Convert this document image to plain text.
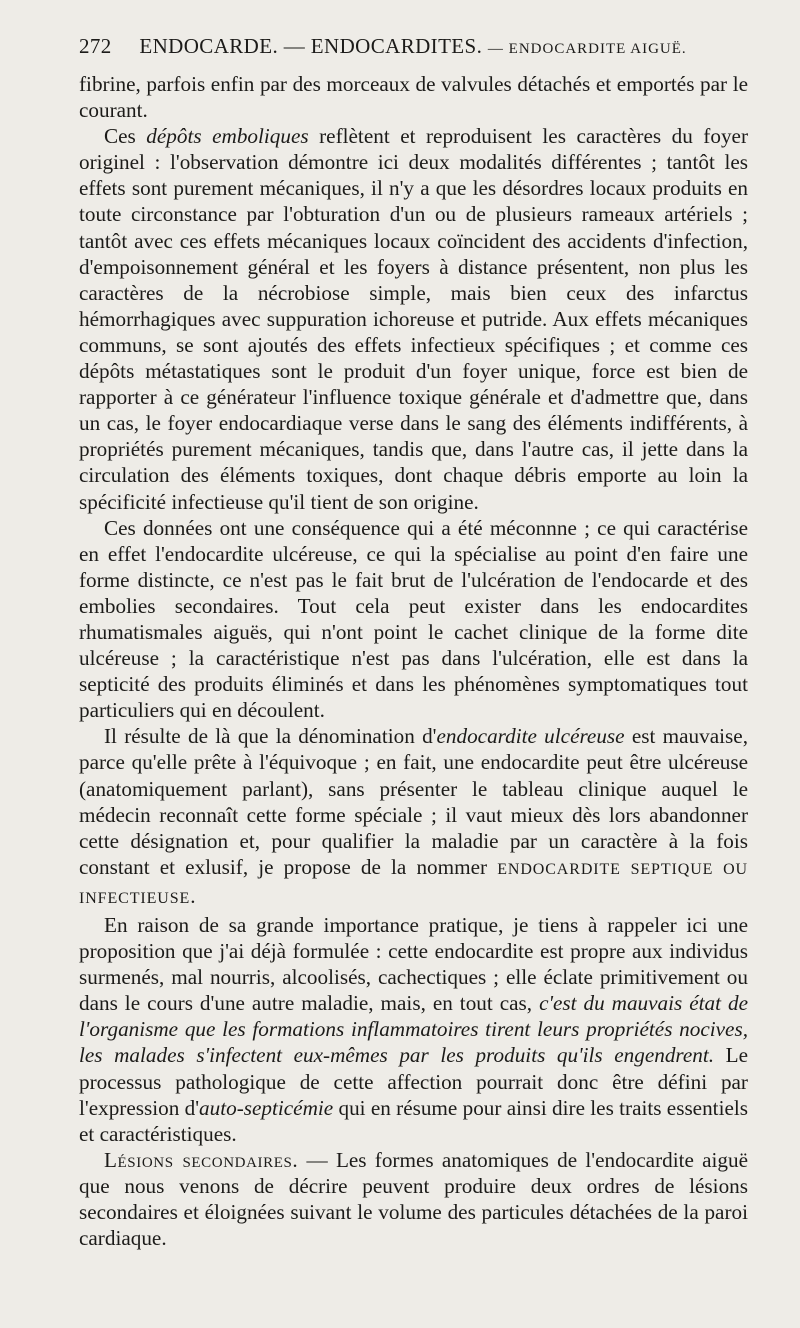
272 ENDOCARDE. — ENDOCARDITES. — ENDOCARDITE AIGUË.

fibrine, parfois enfin par des morceaux de valvules détachés et emportés par le courant.

Ces dépôts emboliques reflètent et reproduisent les caractères du foyer originel : l'observation démontre ici deux modalités différentes ; tantôt les effets sont purement mécaniques, il n'y a que les désordres locaux produits en toute circonstance par l'obturation d'un ou de plusieurs rameaux artériels ; tantôt avec ces effets mécaniques locaux coïncident des accidents d'infection, d'empoisonnement général et les foyers à distance présentent, non plus les caractères de la nécrobiose simple, mais bien ceux des infarctus hémorrhagiques avec suppuration ichoreuse et putride. Aux effets mécaniques communs, se sont ajoutés des effets infectieux spécifiques ; et comme ces dépôts métastatiques sont le produit d'un foyer unique, force est bien de rapporter à ce générateur l'influence toxique générale et d'admettre que, dans un cas, le foyer endocardiaque verse dans le sang des éléments indifférents, à propriétés purement mécaniques, tandis que, dans l'autre cas, il jette dans la circulation des éléments toxiques, dont chaque débris emporte au loin la spécificité infectieuse qu'il tient de son origine.

Ces données ont une conséquence qui a été méconnne ; ce qui caractérise en effet l'endocardite ulcéreuse, ce qui la spécialise au point d'en faire une forme distincte, ce n'est pas le fait brut de l'ulcération de l'endocarde et des embolies secondaires. Tout cela peut exister dans les endocardites rhumatismales aiguës, qui n'ont point le cachet clinique de la forme dite ulcéreuse ; la caractéristique n'est pas dans l'ulcération, elle est dans la septicité des produits éliminés et dans les phénomènes symptomatiques tout particuliers qui en découlent.

Il résulte de là que la dénomination d'endocardite ulcéreuse est mauvaise, parce qu'elle prête à l'équivoque ; en fait, une endocardite peut être ulcéreuse (anatomiquement parlant), sans présenter le tableau clinique auquel le médecin reconnaît cette forme spéciale ; il vaut mieux dès lors abandonner cette désignation et, pour qualifier la maladie par un caractère à la fois constant et exlusif, je propose de la nommer ENDOCARDITE SEPTIQUE OU INFECTIEUSE.

En raison de sa grande importance pratique, je tiens à rappeler ici une proposition que j'ai déjà formulée : cette endocardite est propre aux individus surmenés, mal nourris, alcoolisés, cachectiques ; elle éclate primitivement ou dans le cours d'une autre maladie, mais, en tout cas, c'est du mauvais état de l'organisme que les formations inflammatoires tirent leurs propriétés nocives, les malades s'infectent eux-mêmes par les produits qu'ils engendrent. Le processus pathologique de cette affection pourrait donc être défini par l'expression d'auto-septicémie qui en résume pour ainsi dire les traits essentiels et caractéristiques.

Lésions secondaires. — Les formes anatomiques de l'endocardite aiguë que nous venons de décrire peuvent produire deux ordres de lésions secondaires et éloignées suivant le volume des particules détachées de la paroi cardiaque.
